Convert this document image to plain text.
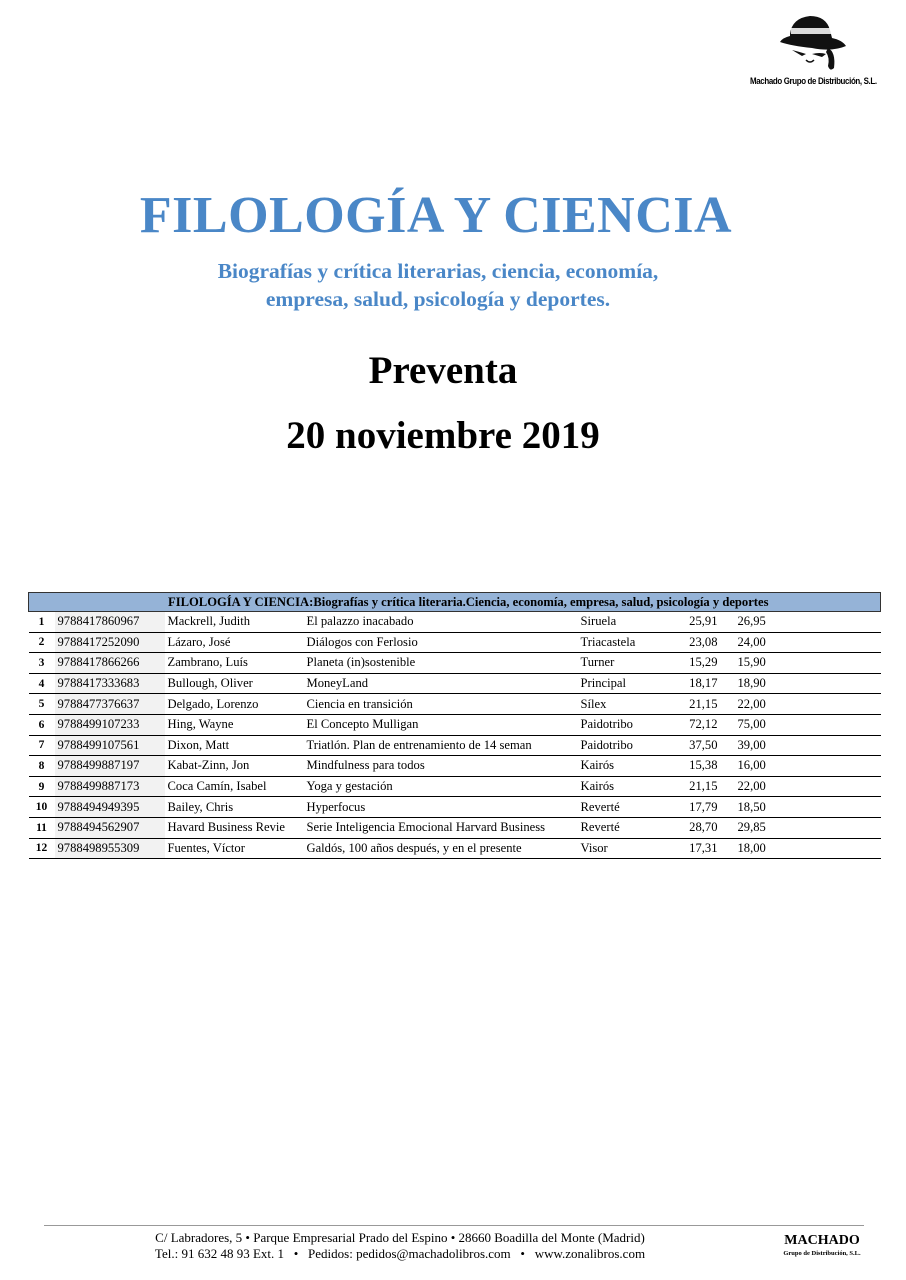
Machado Grupo de Distribución, S.L.
FILOLOGÍA Y CIENCIA
Biografías y crítica literarias, ciencia, economía,
empresa, salud, psicología y deportes.
Preventa
20 noviembre 2019
FILOLOGÍA Y CIENCIA:Biografías y crítica literaria.Ciencia, economía, empresa, salud, psicología y deportes						
1	9788417860967	Mackrell, Judith	El palazzo inacabado	Siruela	25,91	26,95
2	9788417252090	Lázaro, José	Diálogos con Ferlosio	Triacastela	23,08	24,00
3	9788417866266	Zambrano, Luís	Planeta (in)sostenible	Turner	15,29	15,90
4	9788417333683	Bullough, Oliver	MoneyLand	Principal	18,17	18,90
5	9788477376637	Delgado, Lorenzo	Ciencia en transición	Sílex	21,15	22,00
6	9788499107233	Hing, Wayne	El Concepto Mulligan	Paidotribo	72,12	75,00
7	9788499107561	Dixon, Matt	Triatlón. Plan de entrenamiento de 14 seman	Paidotribo	37,50	39,00
8	9788499887197	Kabat-Zinn, Jon	Mindfulness para todos	Kairós	15,38	16,00
9	9788499887173	Coca Camín, Isabel	Yoga y gestación	Kairós	21,15	22,00
10	9788494949395	Bailey, Chris	Hyperfocus	Reverté	17,79	18,50
11	9788494562907	Havard Business Revie	Serie Inteligencia Emocional Harvard Business	Reverté	28,70	29,85
12	9788498955309	Fuentes, Víctor	Galdós, 100 años después, y en el presente	Visor	17,31	18,00
C/ Labradores, 5 • Parque Empresarial Prado del Espino • 28660 Boadilla del Monte (Madrid)
Tel.: 91 632 48 93 Ext. 1   •   Pedidos: pedidos@machadolibros.com   •   www.zonalibros.com
MACHADO
Grupo de Distribución, S.L.
